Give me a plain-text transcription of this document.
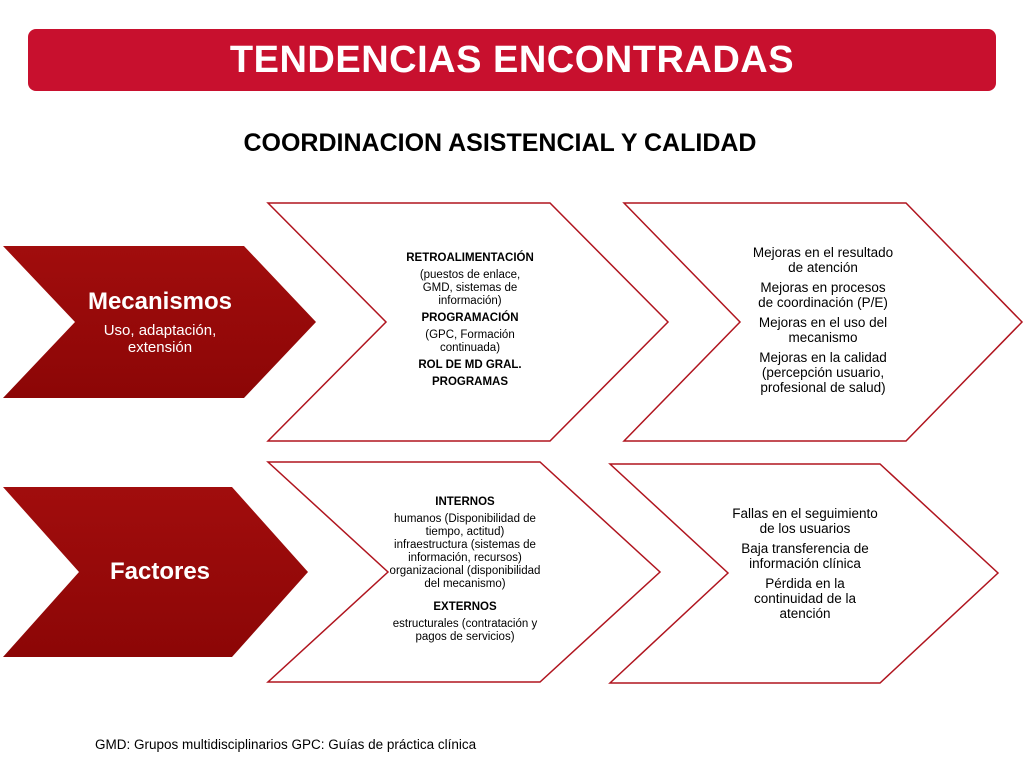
TENDENCIAS ENCONTRADAS
COORDINACION ASISTENCIAL Y CALIDAD
Mecanismos
Uso, adaptación,
extensión

RETROALIMENTACIÓN

(puestos de enlace,
GMD, sistemas de
información)

PROGRAMACIÓN

(GPC, Formación
continuada)

ROL DE MD GRAL.

PROGRAMAS

Mejoras en el resultado
de atención

Mejoras en procesos
de coordinación (P/E)

Mejoras en el uso del
mecanismo

Mejoras en la calidad
(percepción usuario,
profesional de salud)

Factores

INTERNOS

humanos (Disponibilidad de
tiempo, actitud)
infraestructura (sistemas de
información, recursos)
organizacional (disponibilidad
del mecanismo)

EXTERNOS

estructurales (contratación y
pagos de servicios)

Fallas en el seguimiento
de los usuarios

Baja transferencia de
información clínica

Pérdida en la
continuidad de la
atención

GMD: Grupos multidisciplinarios GPC: Guías de práctica clínica
